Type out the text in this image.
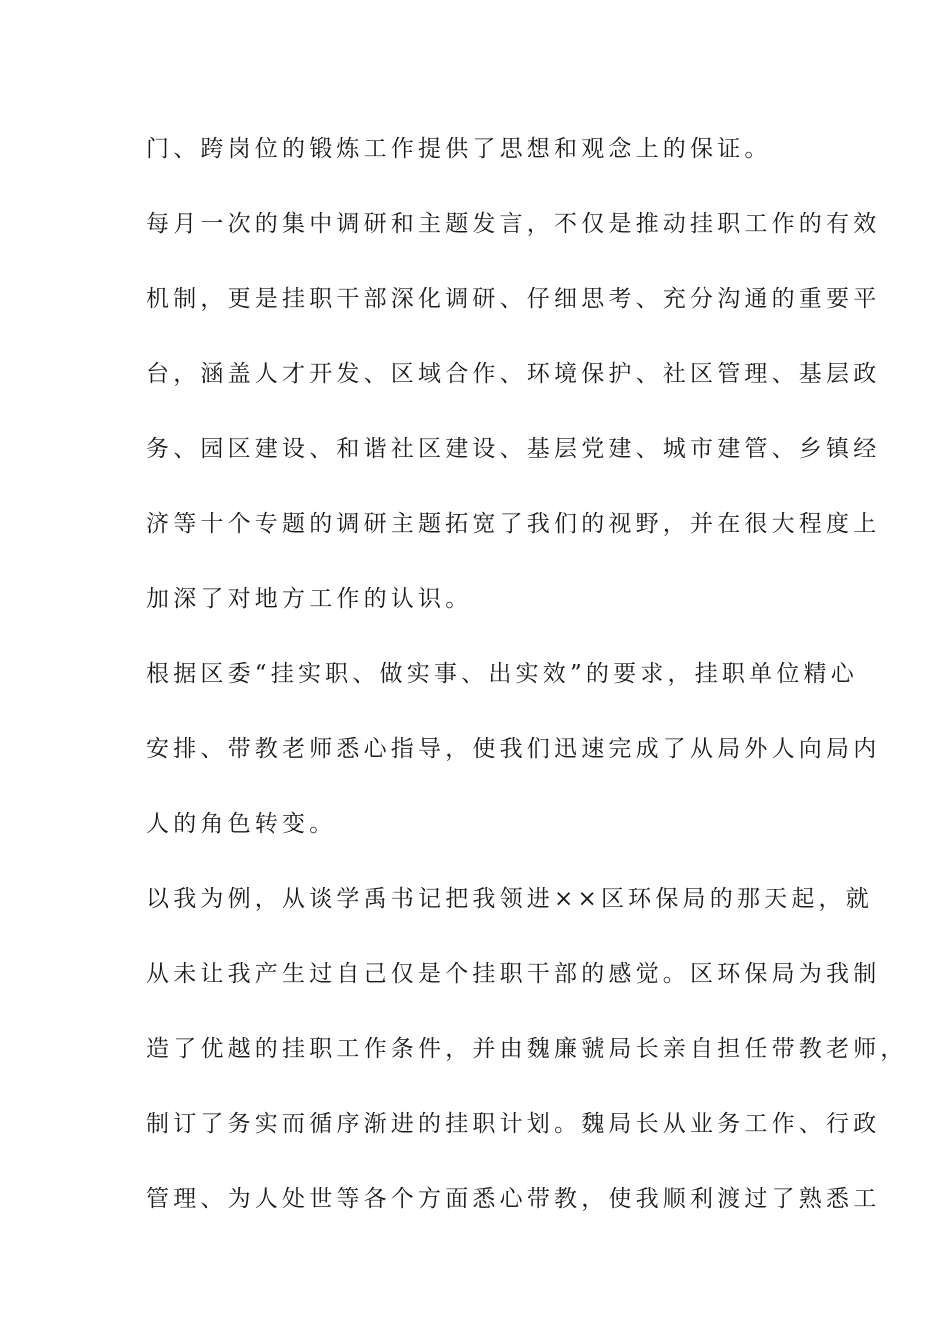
门、跨岗位的锻炼工作提供了思想和观念上的保证。
每月一次的集中调研和主题发言，不仅是推动挂职工作的有效
机制，更是挂职干部深化调研、仔细思考、充分沟通的重要平
台，涵盖人才开发、区域合作、环境保护、社区管理、基层政
务、园区建设、和谐社区建设、基层党建、城市建管、乡镇经
济等十个专题的调研主题拓宽了我们的视野，并在很大程度上
加深了对地方工作的认识。
根据区委“挂实职、做实事、出实效”的要求，挂职单位精心
安排、带教老师悉心指导，使我们迅速完成了从局外人向局内
人的角色转变。
以我为例，从谈学禹书记把我领进××区环保局的那天起，就
从未让我产生过自己仅是个挂职干部的感觉。区环保局为我制
造了优越的挂职工作条件，并由魏廉虢局长亲自担任带教老师，
制订了务实而循序渐进的挂职计划。魏局长从业务工作、行政
管理、为人处世等各个方面悉心带教，使我顺利渡过了熟悉工
